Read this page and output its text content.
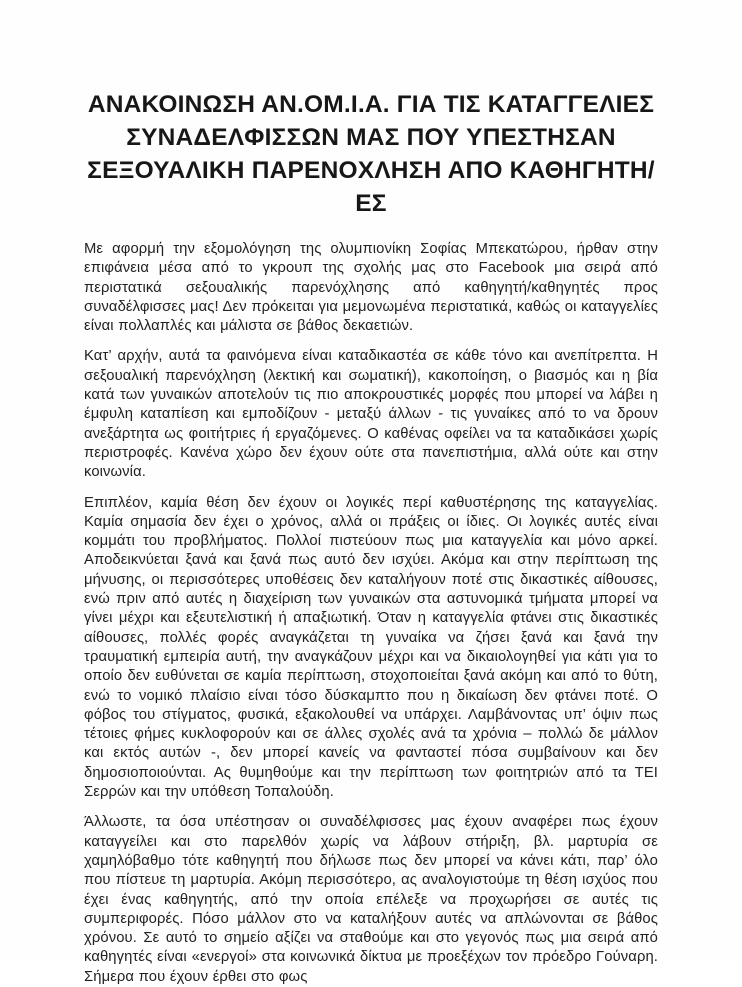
ΑΝΑΚΟΙΝΩΣΗ ΑΝ.ΟΜ.Ι.Α. ΓΙΑ ΤΙΣ ΚΑΤΑΓΓΕΛΙΕΣ
ΣΥΝΑΔΕΛΦΙΣΣΩΝ ΜΑΣ ΠΟΥ ΥΠΕΣΤΗΣΑΝ
ΣΕΞΟΥΑΛΙΚΗ ΠΑΡΕΝΟΧΛΗΣΗ ΑΠΟ ΚΑΘΗΓΗΤΗ/ΕΣ

Με αφορμή την εξομολόγηση της ολυμπιονίκη Σοφίας Μπεκατώρου, ήρθαν στην επιφάνεια μέσα από το γκρουπ της σχολής μας στο Facebook μια σειρά από περιστατικά σεξουαλικής παρενόχλησης από καθηγητή/καθηγητές προς συναδέλφισσες μας! Δεν πρόκειται για μεμονωμένα περιστατικά, καθώς οι καταγγελίες είναι πολλαπλές και μάλιστα σε βάθος δεκαετιών.

Κατ’ αρχήν, αυτά τα φαινόμενα είναι καταδικαστέα σε κάθε τόνο και ανεπίτρεπτα. Η σεξουαλική παρενόχληση (λεκτική και σωματική), κακοποίηση, ο βιασμός και η βία κατά των γυναικών αποτελούν τις πιο αποκρουστικές μορφές που μπορεί να λάβει η έμφυλη καταπίεση και εμποδίζουν - μεταξύ άλλων - τις γυναίκες από το να δρουν ανεξάρτητα ως φοιτήτριες ή εργαζόμενες. Ο καθένας οφείλει να τα καταδικάσει χωρίς περιστροφές. Κανένα χώρο δεν έχουν ούτε στα πανεπιστήμια, αλλά ούτε και στην κοινωνία.

Επιπλέον, καμία θέση δεν έχουν οι λογικές περί καθυστέρησης της καταγγελίας. Καμία σημασία δεν έχει ο χρόνος, αλλά οι πράξεις οι ίδιες. Οι λογικές αυτές είναι κομμάτι του προβλήματος. Πολλοί πιστεύουν πως μια καταγγελία και μόνο αρκεί. Αποδεικνύεται ξανά και ξανά πως αυτό δεν ισχύει. Ακόμα και στην περίπτωση της μήνυσης, οι περισσότερες υποθέσεις δεν καταλήγουν ποτέ στις δικαστικές αίθουσες, ενώ πριν από αυτές η διαχείριση των γυναικών στα αστυνομικά τμήματα μπορεί να γίνει μέχρι και εξευτελιστική ή απαξιωτική. Όταν η καταγγελία φτάνει στις δικαστικές αίθουσες, πολλές φορές αναγκάζεται τη γυναίκα να ζήσει ξανά και ξανά την τραυματική εμπειρία αυτή, την αναγκάζουν μέχρι και να δικαιολογηθεί για κάτι για το οποίο δεν ευθύνεται σε καμία περίπτωση, στοχοποιείται ξανά ακόμη και από το θύτη, ενώ το νομικό πλαίσιο είναι τόσο δύσκαμπτο που η δικαίωση δεν φτάνει ποτέ. Ο φόβος του στίγματος, φυσικά, εξακολουθεί να υπάρχει. Λαμβάνοντας υπ’ όψιν πως τέτοιες φήμες κυκλοφορούν και σε άλλες σχολές ανά τα χρόνια – πολλώ δε μάλλον και εκτός αυτών -, δεν μπορεί κανείς να φανταστεί πόσα συμβαίνουν και δεν δημοσιοποιούνται. Ας θυμηθούμε και την περίπτωση των φοιτητριών από τα ΤΕΙ Σερρών και την υπόθεση Τοπαλούδη.

Άλλωστε, τα όσα υπέστησαν οι συναδέλφισσες μας έχουν αναφέρει πως έχουν καταγγείλει και στο παρελθόν χωρίς να λάβουν στήριξη, βλ. μαρτυρία σε χαμηλόβαθμο τότε καθηγητή που δήλωσε πως δεν μπορεί να κάνει κάτι, παρ’ όλο που πίστευε τη μαρτυρία. Ακόμη περισσότερο, ας αναλογιστούμε τη θέση ισχύος που έχει ένας καθηγητής, από την οποία επέλεξε να προχωρήσει σε αυτές τις συμπεριφορές. Πόσο μάλλον στο να καταλήξουν αυτές να απλώνονται σε βάθος χρόνου. Σε αυτό το σημείο αξίζει να σταθούμε και στο γεγονός πως μια σειρά από καθηγητές είναι «ενεργοί» στα κοινωνικά δίκτυα με προεξέχων τον πρόεδρο Γούναρη. Σήμερα που έχουν έρθει στο φως
